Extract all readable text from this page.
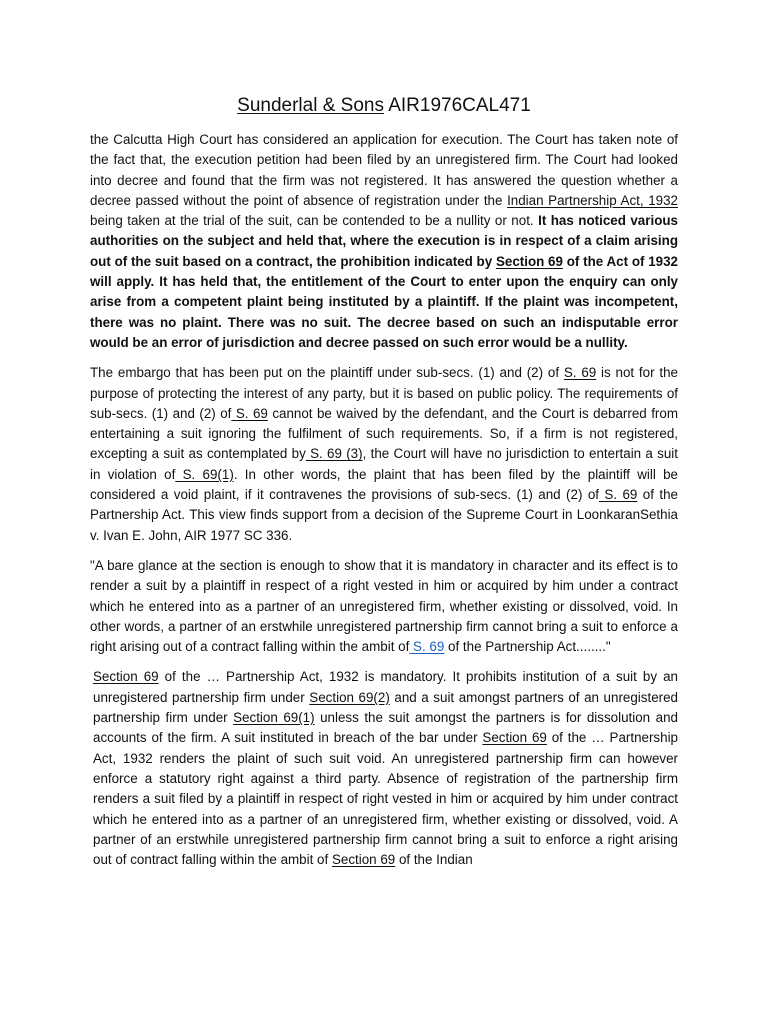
Sunderlal & Sons AIR1976CAL471

the Calcutta High Court has considered an application for execution. The Court has taken note of the fact that, the execution petition had been filed by an unregistered firm. The Court had looked into decree and found that the firm was not registered. It has answered the question whether a decree passed without the point of absence of registration under the Indian Partnership Act, 1932 being taken at the trial of the suit, can be contended to be a nullity or not. It has noticed various authorities on the subject and held that, where the execution is in respect of a claim arising out of the suit based on a contract, the prohibition indicated by Section 69 of the Act of 1932 will apply. It has held that, the entitlement of the Court to enter upon the enquiry can only arise from a competent plaint being instituted by a plaintiff. If the plaint was incompetent, there was no plaint. There was no suit. The decree based on such an indisputable error would be an error of jurisdiction and decree passed on such error would be a nullity.

The embargo that has been put on the plaintiff under sub-secs. (1) and (2) of S. 69 is not for the purpose of protecting the interest of any party, but it is based on public policy. The requirements of sub-secs. (1) and (2) of S. 69 cannot be waived by the defendant, and the Court is debarred from entertaining a suit ignoring the fulfilment of such requirements. So, if a firm is not registered, excepting a suit as contemplated by S. 69 (3), the Court will have no jurisdiction to entertain a suit in violation of S. 69(1). In other words, the plaint that has been filed by the plaintiff will be considered a void plaint, if it contravenes the provisions of sub-secs. (1) and (2) of S. 69 of the Partnership Act. This view finds support from a decision of the Supreme Court in LoonkaranSethia v. Ivan E. John, AIR 1977 SC 336.

"A bare glance at the section is enough to show that it is mandatory in character and its effect is to render a suit by a plaintiff in respect of a right vested in him or acquired by him under a contract which he entered into as a partner of an unregistered firm, whether existing or dissolved, void. In other words, a partner of an erstwhile unregistered partnership firm cannot bring a suit to enforce a right arising out of a contract falling within the ambit of S. 69 of the Partnership Act........"

Section 69 of the … Partnership Act, 1932 is mandatory. It prohibits institution of a suit by an unregistered partnership firm under Section 69(2) and a suit amongst partners of an unregistered partnership firm under Section 69(1) unless the suit amongst the partners is for dissolution and accounts of the firm. A suit instituted in breach of the bar under Section 69 of the … Partnership Act, 1932 renders the plaint of such suit void. An unregistered partnership firm can however enforce a statutory right against a third party. Absence of registration of the partnership firm renders a suit filed by a plaintiff in respect of right vested in him or acquired by him under contract which he entered into as a partner of an unregistered firm, whether existing or dissolved, void. A partner of an erstwhile unregistered partnership firm cannot bring a suit to enforce a right arising out of contract falling within the ambit of Section 69 of the Indian
